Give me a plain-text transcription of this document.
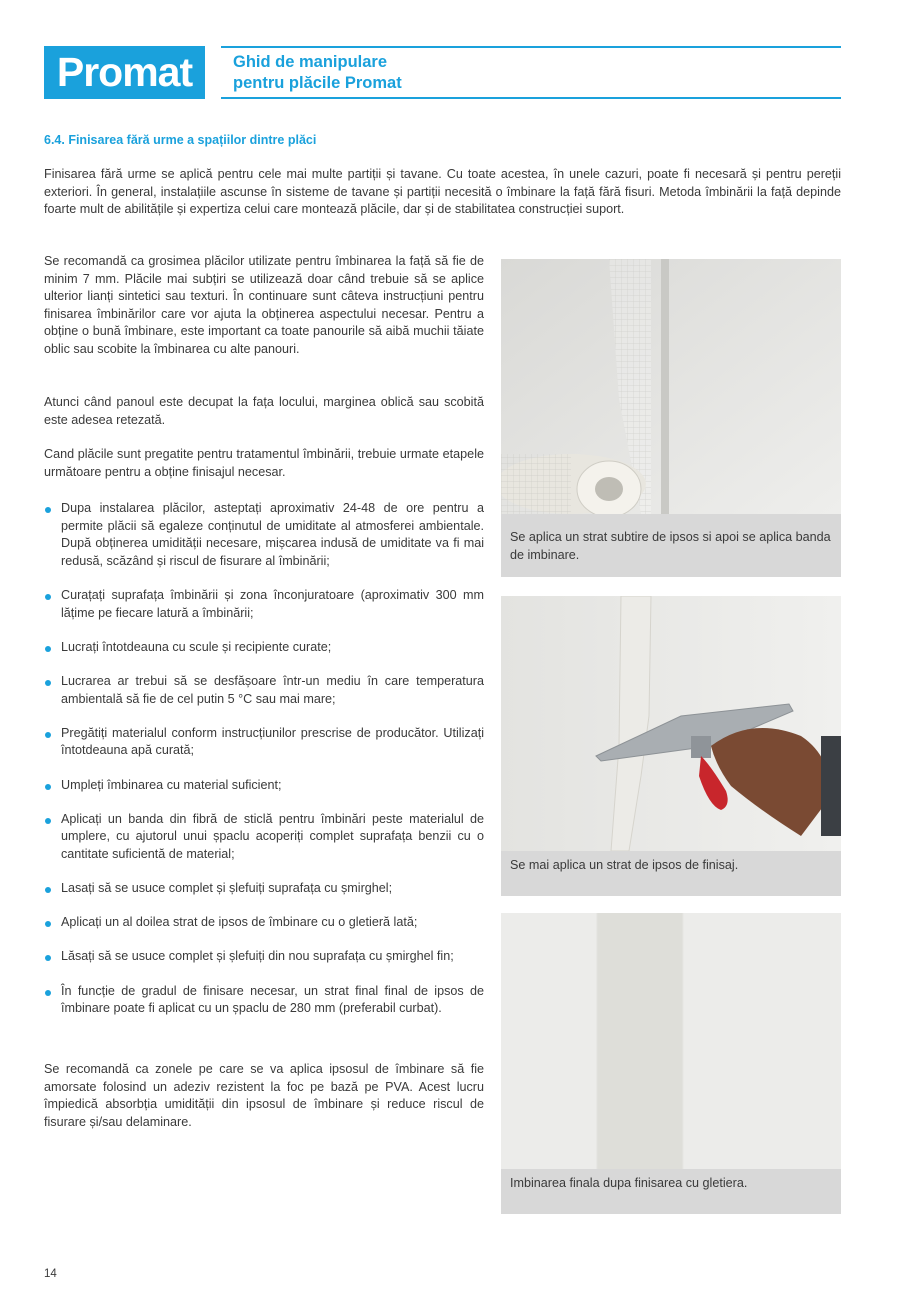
Promat	Ghid de manipulare
pentru plăcile Promat
6.4. Finisarea fără urme a spațiilor dintre plăci

Finisarea fără urme se aplică pentru cele mai multe partiții și tavane. Cu toate acestea, în unele cazuri, poate fi necesară și pentru pereții exteriori. În general, instalațiile ascunse în sisteme de tavane și partiții necesită o îmbinare la față fără fisuri. Metoda îmbinării la față depinde foarte mult de abilitățile și expertiza celui care montează plăcile, dar și de stabilitatea construcției suport.

Se recomandă ca grosimea plăcilor utilizate pentru îmbinarea la față să fie de minim 7 mm. Plăcile mai subțiri se utilizează doar când trebuie să se aplice ulterior lianți sintetici sau texturi. În continuare sunt câteva instrucțiuni pentru finisarea îmbinărilor care vor ajuta la obținerea aspectului necesar. Pentru a obține o bună îmbinare, este important ca toate panourile să aibă muchii tăiate oblic sau scobite la îmbinarea cu alte panouri.

Atunci când panoul este decupat la fața locului, marginea oblică sau scobită este adesea retezată.

Cand plăcile sunt pregatite pentru tratamentul îmbinării, trebuie urmate etapele următoare pentru a obține finisajul necesar.

Dupa instalarea plăcilor, asteptați aproximativ 24-48 de ore pentru a permite plăcii să egaleze conținutul de umiditate al atmosferei ambientale. După obținerea umidității necesare, mișcarea indusă de umiditate va fi mai redusă, scăzând și riscul de fisurare al îmbinării;
Curațați suprafața îmbinării și zona înconjuratoare (aproximativ 300 mm lățime pe fiecare latură a îmbinării;
Lucrați întotdeauna cu scule și recipiente curate;
Lucrarea ar trebui să se desfășoare într-un mediu în care temperatura ambientală să fie de cel putin 5 °C sau mai mare;
Pregătiți materialul conform instrucțiunilor prescrise de producător. Utilizați întotdeauna apă curată;
Umpleți îmbinarea cu material suficient;
Aplicați un banda din fibră de sticlă pentru îmbinări peste materialul de umplere, cu ajutorul unui șpaclu acoperiți complet suprafața benzii cu o cantitate suficientă de material;
Lasați să se usuce complet și șlefuiți suprafața cu șmirghel;
Aplicați un al doilea strat de ipsos de îmbinare cu o gletieră lată;
Lăsați să se usuce complet și șlefuiți din nou suprafața cu șmirghel fin;
În funcție de gradul de finisare necesar, un strat final final de ipsos de îmbinare poate fi aplicat cu un șpaclu de 280 mm (preferabil curbat).

Se recomandă ca zonele pe care se va aplica ipsosul de îmbinare să fie amorsate folosind un adeziv rezistent la foc pe bază pe PVA. Acest lucru împiedică absorbția umidității din ipsosul de îmbinare și reduce riscul de fisurare și/sau delaminare.

Se aplica un strat subtire de ipsos si apoi se aplica banda de imbinare.
Se mai aplica un strat de ipsos de finisaj.
Imbinarea finala dupa finisarea cu gletiera.
14
